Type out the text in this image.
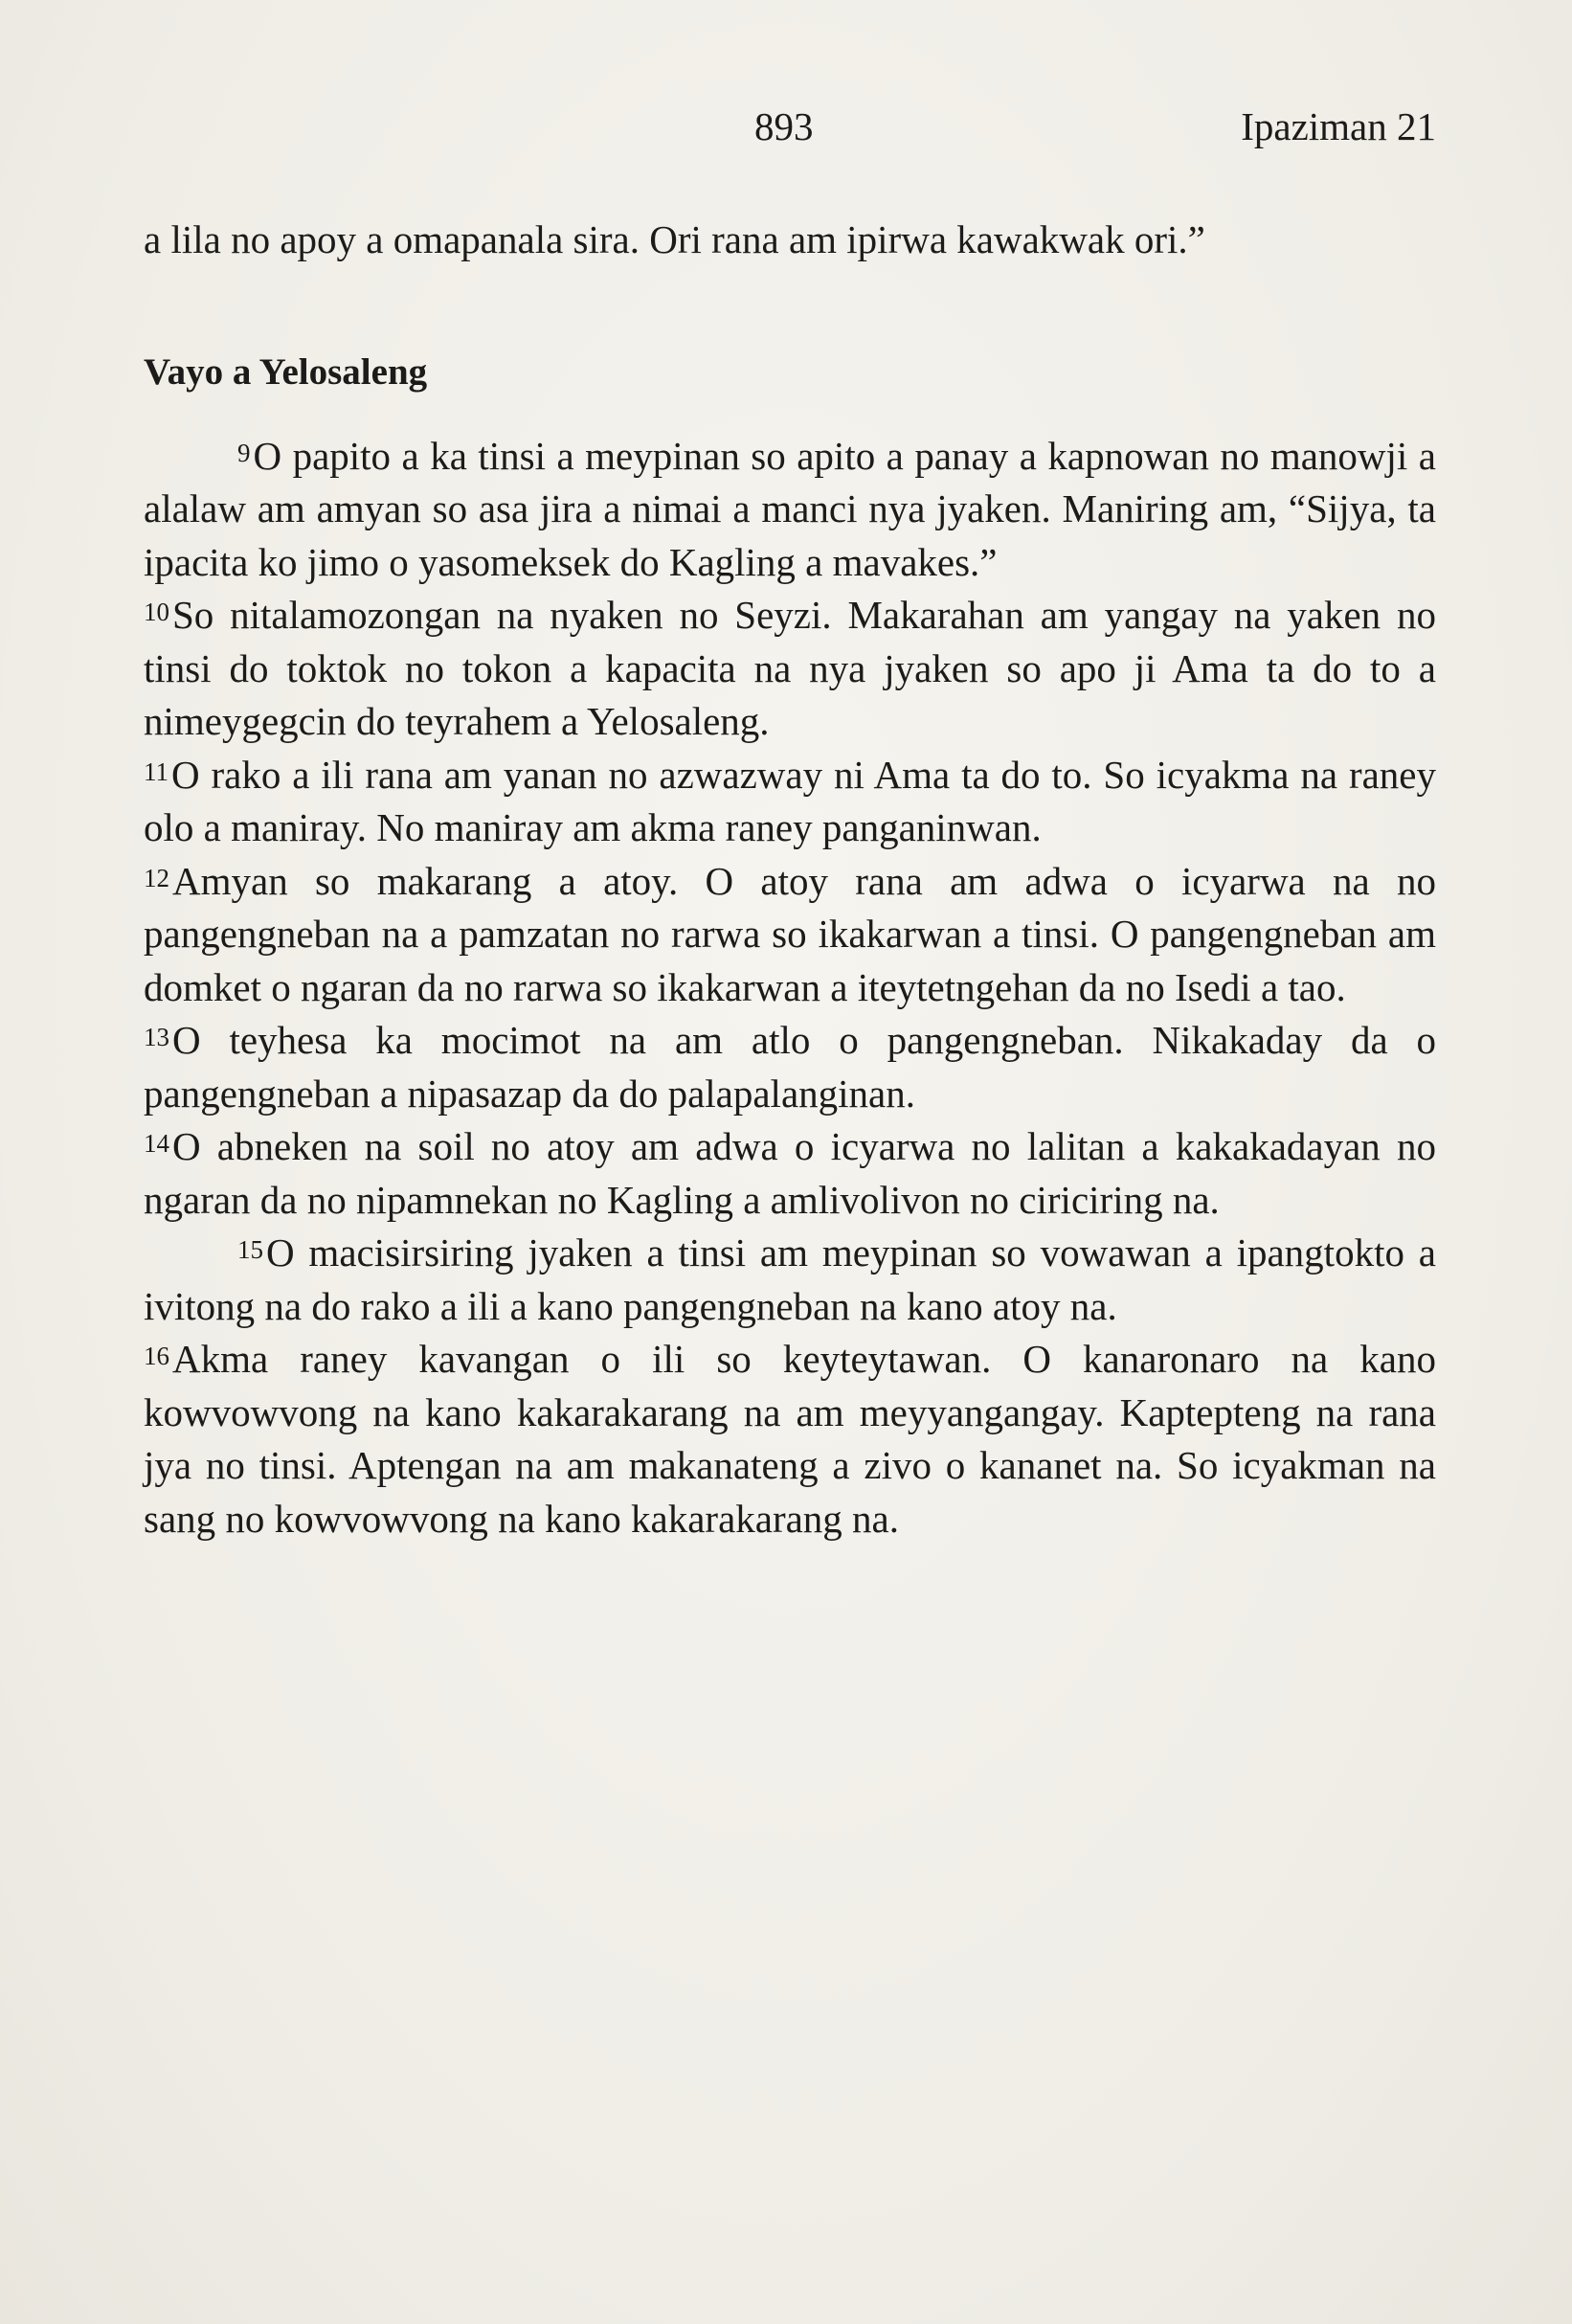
893	Ipaziman 21

a lila no apoy a omapanala sira. Ori rana am ipirwa kawakwak ori.”

Vayo a Yelosaleng

9O papito a ka tinsi a meypinan so apito a panay a kapnowan no manowji a alalaw am amyan so asa jira a nimai a manci nya jyaken. Maniring am, “Sijya, ta ipacita ko jimo o yasomeksek do Kagling a mavakes.”

10So nitalamozongan na nyaken no Seyzi. Makarahan am yangay na yaken no tinsi do toktok no tokon a kapacita na nya jyaken so apo ji Ama ta do to a nimeygegcin do teyrahem a Yelosaleng.

11O rako a ili rana am yanan no azwazway ni Ama ta do to. So icyakma na raney olo a maniray. No maniray am akma raney panganinwan.

12Amyan so makarang a atoy. O atoy rana am adwa o icyarwa na no pangengneban na a pamzatan no rarwa so ikakarwan a tinsi. O pangengneban am domket o ngaran da no rarwa so ikakarwan a iteytetngehan da no Isedi a tao.

13O teyhesa ka mocimot na am atlo o pangengneban. Nikakaday da o pangengneban a nipasazap da do palapalanginan.

14O abneken na soil no atoy am adwa o icyarwa no lalitan a kakakadayan no ngaran da no nipamnekan no Kagling a amlivolivon no ciriciring na.

15O macisirsiring jyaken a tinsi am meypinan so vowawan a ipangtokto a ivitong na do rako a ili a kano pangengneban na kano atoy na.

16Akma raney kavangan o ili so keyteytawan. O kanaronaro na kano kowvowvong na kano kakarakarang na am meyyangangay. Kaptepteng na rana jya no tinsi. Aptengan na am makanateng a zivo o kananet na. So icyakman na sang no kowvowvong na kano kakarakarang na.
